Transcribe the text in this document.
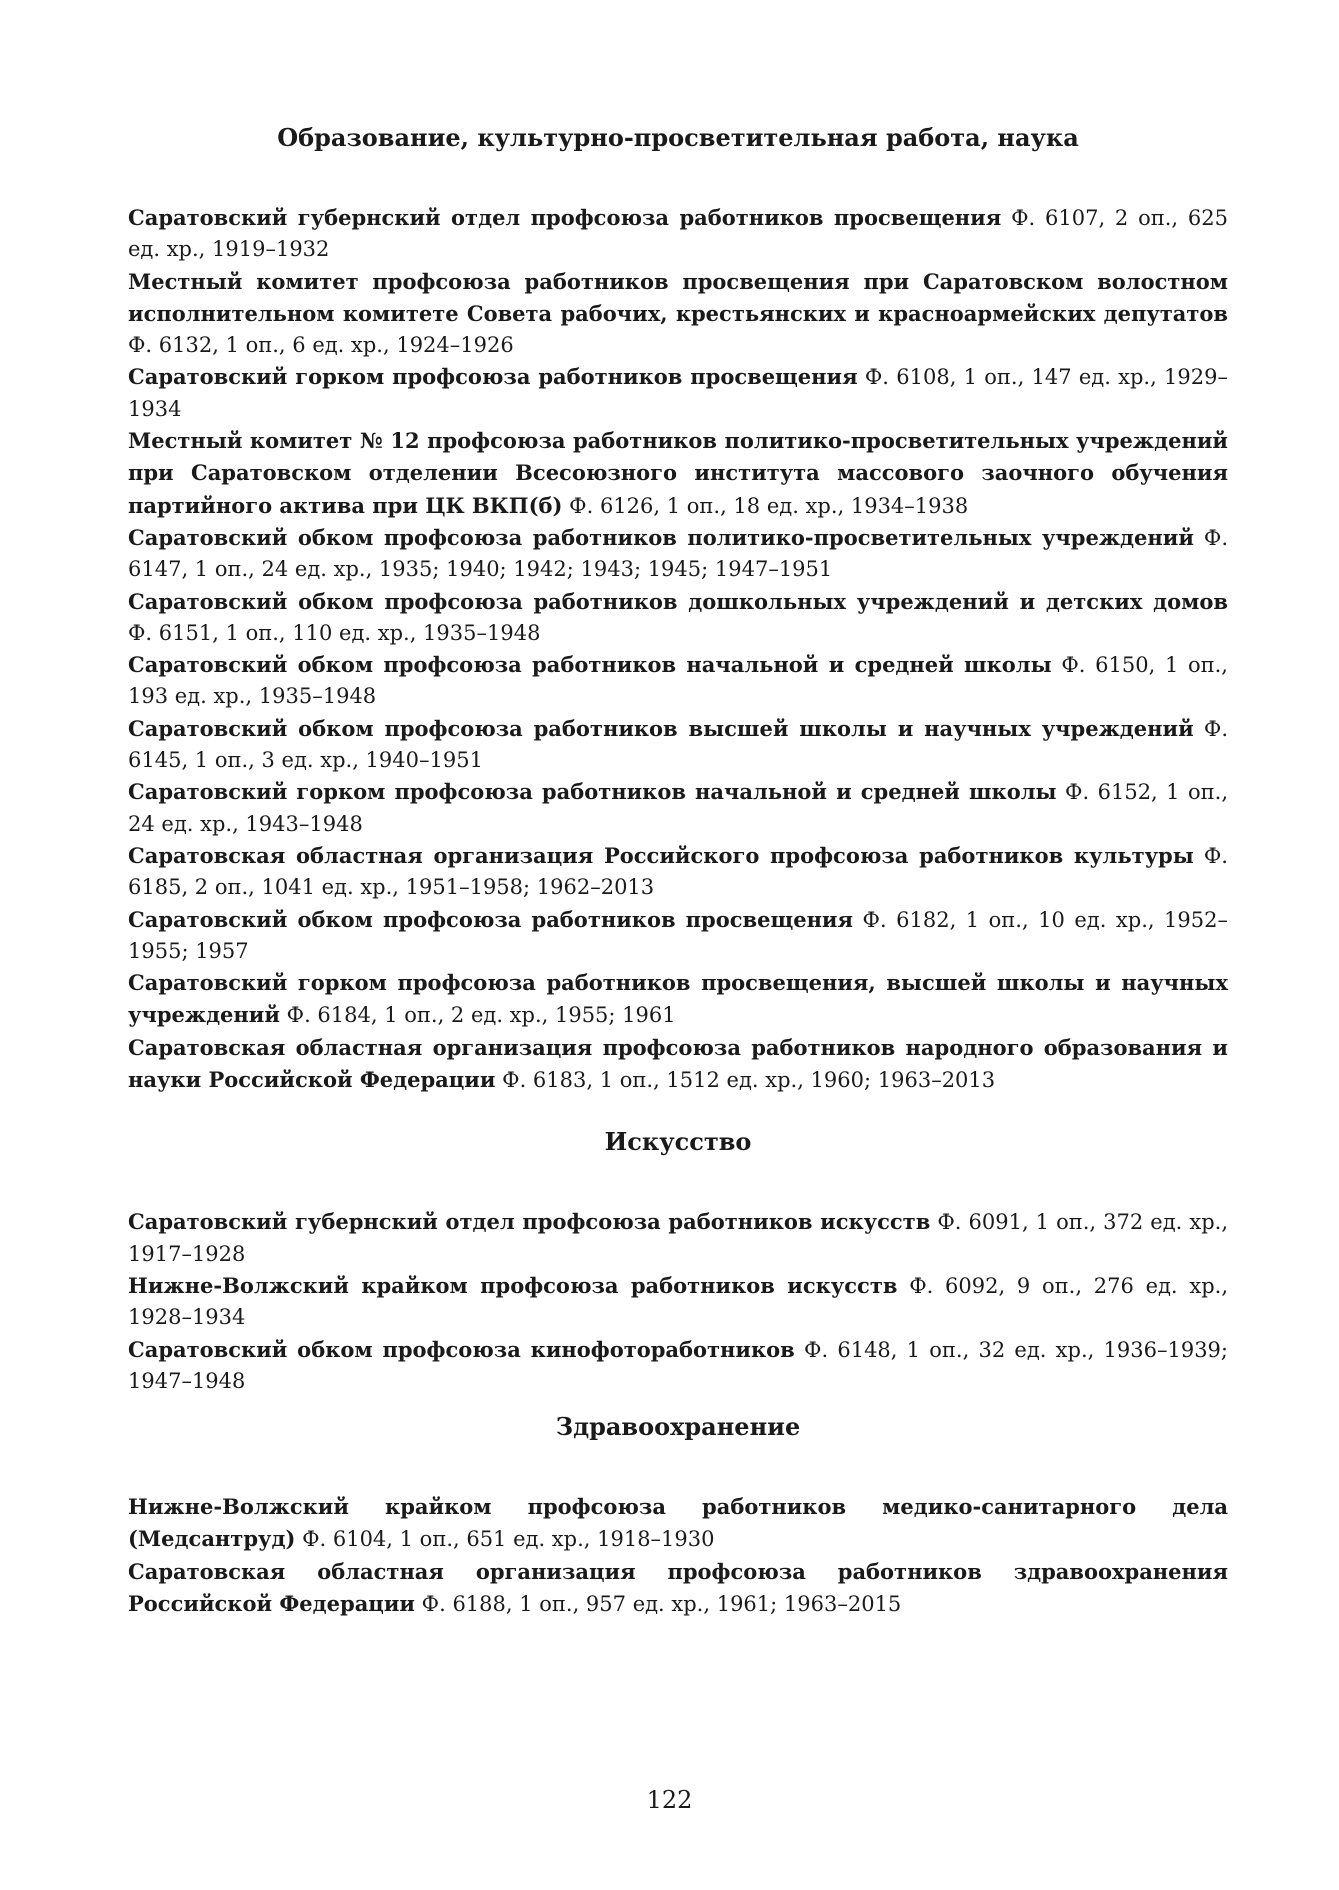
Образование, культурно-просветительная работа, наука

Саратовский губернский отдел профсоюза работников просвещения Ф. 6107, 2 оп., 625 ед. хр., 1919–1932

Местный комитет профсоюза работников просвещения при Саратовском волостном исполнительном комитете Совета рабочих, крестьянских и красноармейских депутатов Ф. 6132, 1 оп., 6 ед. хр., 1924–1926

Саратовский горком профсоюза работников просвещения Ф. 6108, 1 оп., 147 ед. хр., 1929–1934

Местный комитет № 12 профсоюза работников политико-просветительных учреждений при Саратовском отделении Всесоюзного института массового заочного обучения партийного актива при ЦК ВКП(б) Ф. 6126, 1 оп., 18 ед. хр., 1934–1938

Саратовский обком профсоюза работников политико-просветительных учреждений Ф. 6147, 1 оп., 24 ед. хр., 1935; 1940; 1942; 1943; 1945; 1947–1951

Саратовский обком профсоюза работников дошкольных учреждений и детских домов Ф. 6151, 1 оп., 110 ед. хр., 1935–1948

Саратовский обком профсоюза работников начальной и средней школы Ф. 6150, 1 оп., 193 ед. хр., 1935–1948

Саратовский обком профсоюза работников высшей школы и научных учреждений Ф. 6145, 1 оп., 3 ед. хр., 1940–1951

Саратовский горком профсоюза работников начальной и средней школы Ф. 6152, 1 оп., 24 ед. хр., 1943–1948

Саратовская областная организация Российского профсоюза работников культуры Ф. 6185, 2 оп., 1041 ед. хр., 1951–1958; 1962–2013

Саратовский обком профсоюза работников просвещения Ф. 6182, 1 оп., 10 ед. хр., 1952–1955; 1957

Саратовский горком профсоюза работников просвещения, высшей школы и научных учреждений Ф. 6184, 1 оп., 2 ед. хр., 1955; 1961

Саратовская областная организация профсоюза работников народного образования и науки Российской Федерации Ф. 6183, 1 оп., 1512 ед. хр., 1960; 1963–2013

Искусство

Саратовский губернский отдел профсоюза работников искусств Ф. 6091, 1 оп., 372 ед. хр., 1917–1928

Нижне-Волжский крайком профсоюза работников искусств Ф. 6092, 9 оп., 276 ед. хр., 1928–1934

Саратовский обком профсоюза кинофоторабoтников Ф. 6148, 1 оп., 32 ед. хр., 1936–1939; 1947–1948

Здравоохранение

Нижне-Волжский крайком профсоюза работников медико-санитарного дела (Медсантруд) Ф. 6104, 1 оп., 651 ед. хр., 1918–1930

Саратовская областная организация профсоюза работников здравоохранения Российской Федерации Ф. 6188, 1 оп., 957 ед. хр., 1961; 1963–2015

122
